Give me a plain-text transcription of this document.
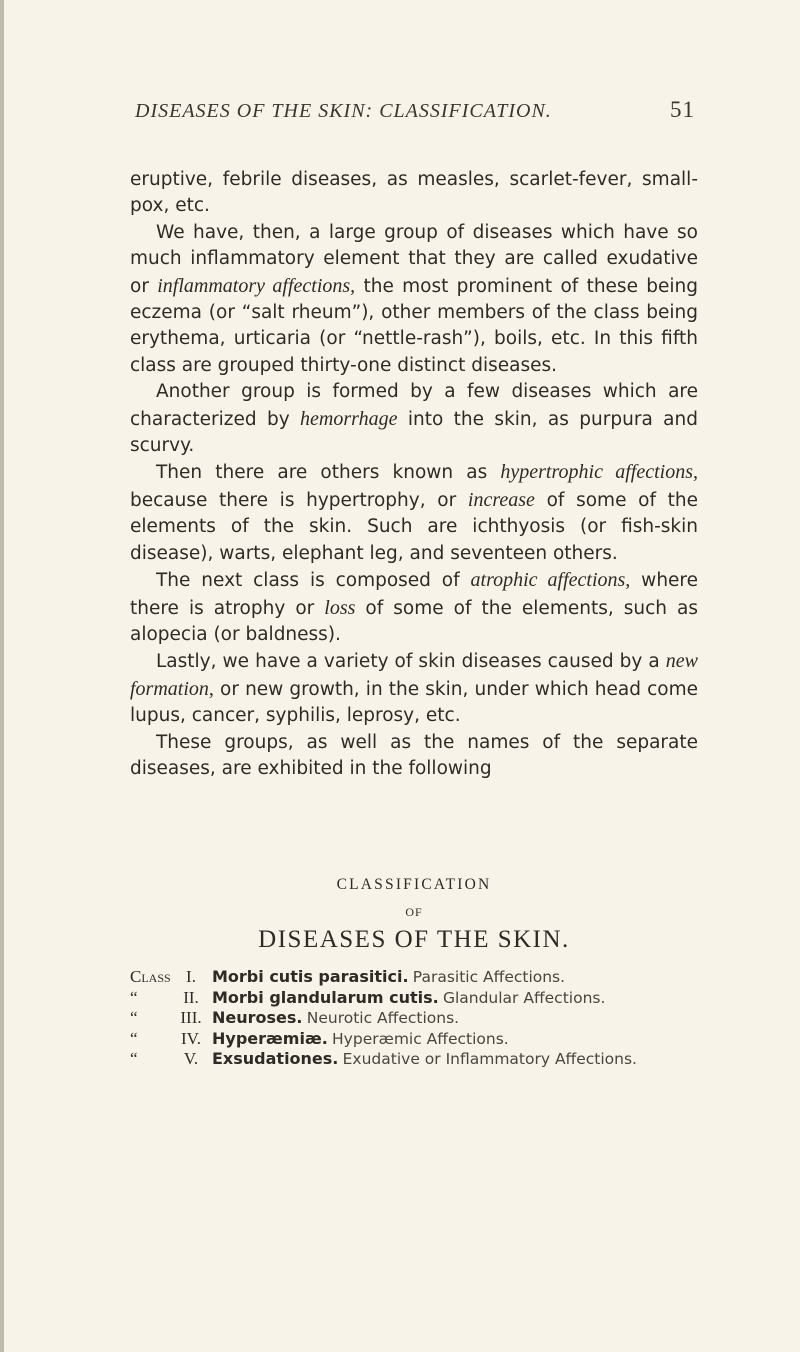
DISEASES OF THE SKIN: CLASSIFICATION.	51

eruptive, febrile diseases, as measles, scarlet-fever, small-pox, etc.

We have, then, a large group of diseases which have so much inflammatory element that they are called exudative or inflammatory affections, the most prominent of these being eczema (or “salt rheum”), other members of the class being erythema, urticaria (or “nettle-rash”), boils, etc. In this fifth class are grouped thirty-one distinct diseases.

Another group is formed by a few diseases which are characterized by hemorrhage into the skin, as purpura and scurvy.

Then there are others known as hypertrophic affections, because there is hypertrophy, or increase of some of the elements of the skin. Such are ichthyosis (or fish-skin disease), warts, elephant leg, and seventeen others.

The next class is composed of atrophic affections, where there is atrophy or loss of some of the elements, such as alopecia (or baldness).

Lastly, we have a variety of skin diseases caused by a new formation, or new growth, in the skin, under which head come lupus, cancer, syphilis, leprosy, etc.

These groups, as well as the names of the separate diseases, are exhibited in the following

CLASSIFICATION
OF
DISEASES OF THE SKIN.
Class I.	Morbi cutis parasitici. Parasitic Affections.
“	II. Morbi glandularum cutis. Glandular Affections.
“	III. Neuroses. Neurotic Affections.
“	IV. Hyperæmiæ. Hyperæmic Affections.
“	V. Exsudationes. Exudative or Inflammatory Affections.
